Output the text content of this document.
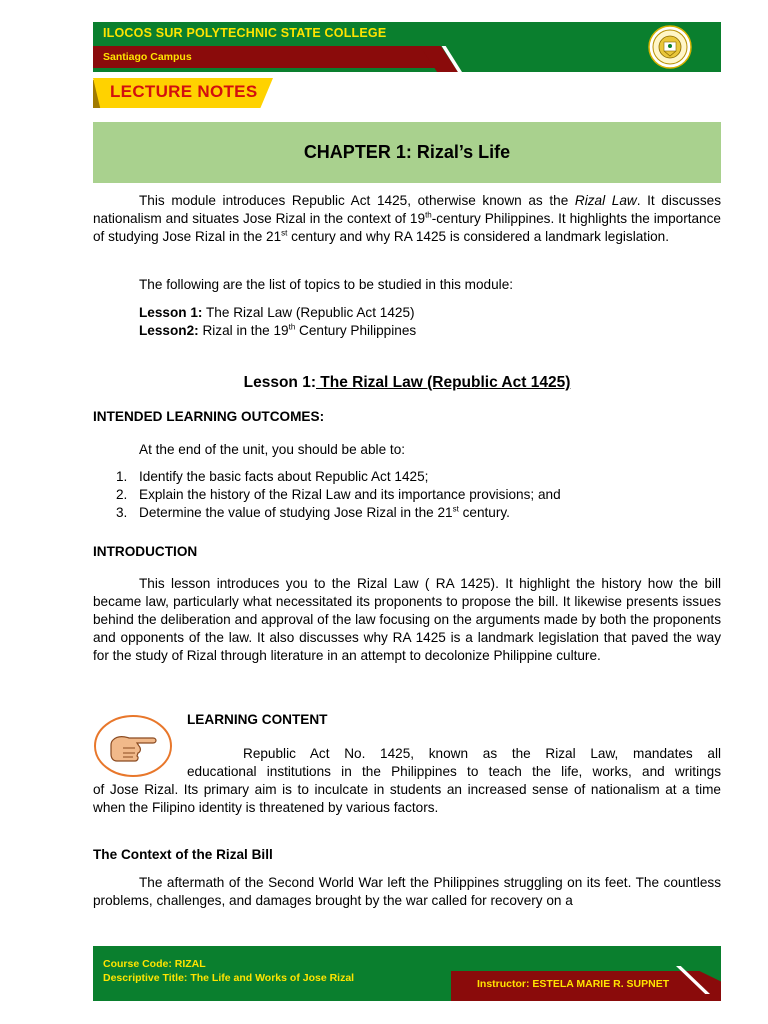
ILOCOS SUR POLYTECHNIC STATE COLLEGE
Santiago Campus
LECTURE NOTES
CHAPTER 1: Rizal’s Life
This module introduces Republic Act 1425, otherwise known as the Rizal Law. It discusses nationalism and situates Jose Rizal in the context of 19th-century Philippines. It highlights the importance of studying Jose Rizal in the 21st century and why RA 1425 is considered a landmark legislation.
The following are the list of topics to be studied in this module:
Lesson 1: The Rizal Law (Republic Act 1425)
Lesson2: Rizal in the 19th Century Philippines
Lesson 1: The Rizal Law (Republic Act 1425)
INTENDED LEARNING OUTCOMES:
At the end of the unit, you should be able to:
1. Identify the basic facts about Republic Act 1425;
2. Explain the history of the Rizal Law and its importance provisions; and
3. Determine the value of studying Jose Rizal in the 21st century.
INTRODUCTION
This lesson introduces you to the Rizal Law ( RA 1425). It highlight the history how the bill became law, particularly what necessitated its proponents to propose the bill. It likewise presents issues behind the deliberation and approval of the law focusing on the arguments made by both the proponents and opponents of the law. It also discusses why RA 1425 is a landmark legislation that paved the way for the study of Rizal through literature in an attempt to decolonize Philippine culture.
LEARNING CONTENT
Republic Act No. 1425, known as the Rizal Law, mandates all
educational institutions in the Philippines to teach the life, works, and writings
of Jose Rizal. Its primary aim is to inculcate in students an increased sense of nationalism at a time when the Filipino identity is threatened by various factors.
The Context of the Rizal Bill
The aftermath of the Second World War left the Philippines struggling on its feet. The countless problems, challenges, and damages brought by the war called for recovery on a
Course Code: RIZAL
Descriptive Title: The Life and Works of Jose Rizal	Instructor: ESTELA MARIE R. SUPNET
